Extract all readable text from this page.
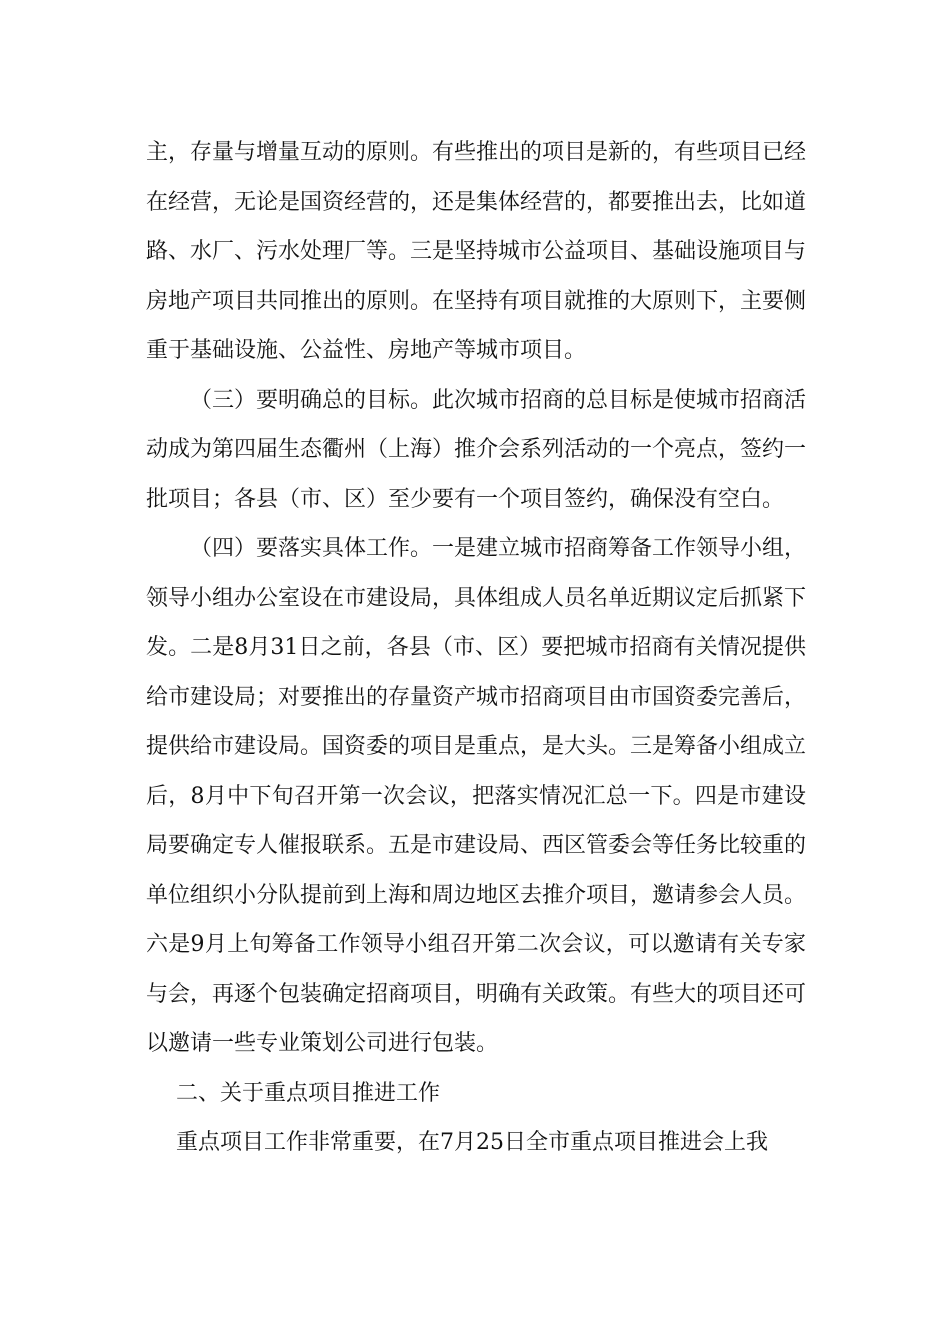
主，存量与增量互动的原则。有些推出的项目是新的，有些项目已经在经营，无论是国资经营的，还是集体经营的，都要推出去，比如道路、水厂、污水处理厂等。三是坚持城市公益项目、基础设施项目与房地产项目共同推出的原则。在坚持有项目就推的大原则下，主要侧重于基础设施、公益性、房地产等城市项目。

（三）要明确总的目标。此次城市招商的总目标是使城市招商活动成为第四届生态衢州（上海）推介会系列活动的一个亮点，签约一批项目；各县（市、区）至少要有一个项目签约，确保没有空白。

（四）要落实具体工作。一是建立城市招商筹备工作领导小组，领导小组办公室设在市建设局，具体组成人员名单近期议定后抓紧下发。二是8月31日之前，各县（市、区）要把城市招商有关情况提供给市建设局；对要推出的存量资产城市招商项目由市国资委完善后，提供给市建设局。国资委的项目是重点，是大头。三是筹备小组成立后，8月中下旬召开第一次会议，把落实情况汇总一下。四是市建设局要确定专人催报联系。五是市建设局、西区管委会等任务比较重的单位组织小分队提前到上海和周边地区去推介项目，邀请参会人员。六是9月上旬筹备工作领导小组召开第二次会议，可以邀请有关专家与会，再逐个包装确定招商项目，明确有关政策。有些大的项目还可以邀请一些专业策划公司进行包装。

二、关于重点项目推进工作

重点项目工作非常重要，在7月25日全市重点项目推进会上我
